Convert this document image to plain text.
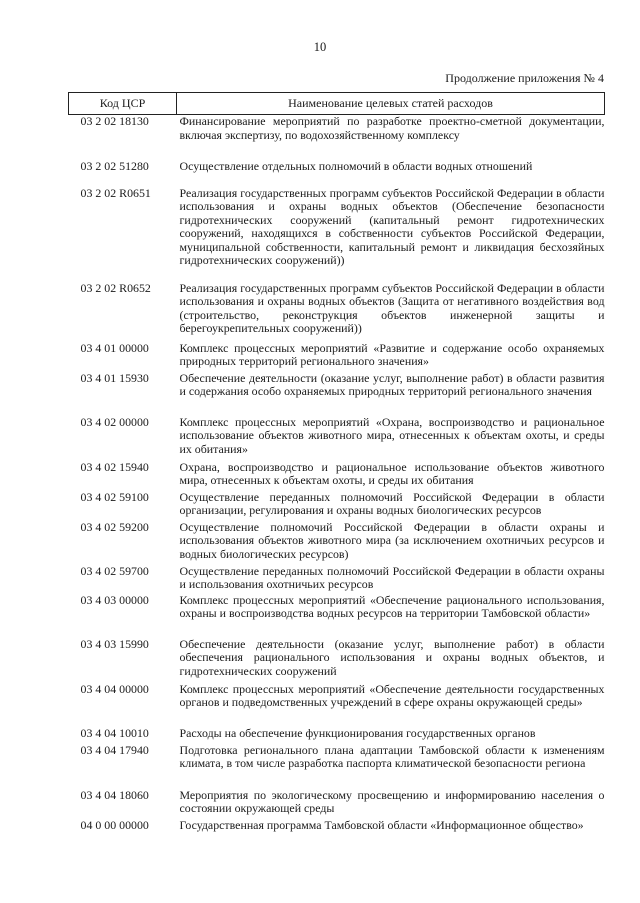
10
Продолжение приложения № 4
Код ЦСР	Наименование целевых статей расходов
03 2 02 18130	Финансирование мероприятий по разработке проектно-сметной документации, включая экспертизу, по водохозяйственному комплексу
03 2 02 51280	Осуществление отдельных полномочий в области водных отношений
03 2 02 R0651	Реализация государственных программ субъектов Российской Федерации в области использования и охраны водных объектов (Обеспечение безопасности гидротехнических сооружений (капитальный ремонт гидротехнических сооружений, находящихся в собственности субъектов Российской Федерации, муниципальной собственности, капитальный ремонт и ликвидация бесхозяйных гидротехнических сооружений))
03 2 02 R0652	Реализация государственных программ субъектов Российской Федерации в области использования и охраны водных объектов (Защита от негативного воздействия вод (строительство, реконструкция объектов инженерной защиты и берегоукрепительных сооружений))
03 4 01 00000	Комплекс процессных мероприятий «Развитие и содержание особо охраняемых природных территорий регионального значения»
03 4 01 15930	Обеспечение деятельности (оказание услуг, выполнение работ) в области развития и содержания особо охраняемых природных территорий регионального значения
03 4 02 00000	Комплекс процессных мероприятий «Охрана, воспроизводство и рациональное использование объектов животного мира, отнесенных к объектам охоты, и среды их обитания»
03 4 02 15940	Охрана, воспроизводство и рациональное использование объектов животного мира, отнесенных к объектам охоты, и среды их обитания
03 4 02 59100	Осуществление переданных полномочий Российской Федерации в области организации, регулирования и охраны водных биологических ресурсов
03 4 02 59200	Осуществление полномочий Российской Федерации в области охраны и использования объектов животного мира (за исключением охотничьих ресурсов и водных биологических ресурсов)
03 4 02 59700	Осуществление переданных полномочий Российской Федерации в области охраны и использования охотничьих ресурсов
03 4 03 00000	Комплекс процессных мероприятий «Обеспечение рационального использования, охраны и воспроизводства водных ресурсов на территории Тамбовской области»
03 4 03 15990	Обеспечение деятельности (оказание услуг, выполнение работ) в области обеспечения рационального использования и охраны водных объектов, и гидротехнических сооружений
03 4 04 00000	Комплекс процессных мероприятий «Обеспечение деятельности государственных органов и подведомственных учреждений в сфере охраны окружающей среды»
03 4 04 10010	Расходы на обеспечение функционирования государственных органов
03 4 04 17940	Подготовка регионального плана адаптации Тамбовской области к изменениям климата, в том числе разработка паспорта климатической безопасности региона
03 4 04 18060	Мероприятия по экологическому просвещению и информированию населения о состоянии окружающей среды
04 0 00 00000	Государственная программа Тамбовской области «Информационное общество»
